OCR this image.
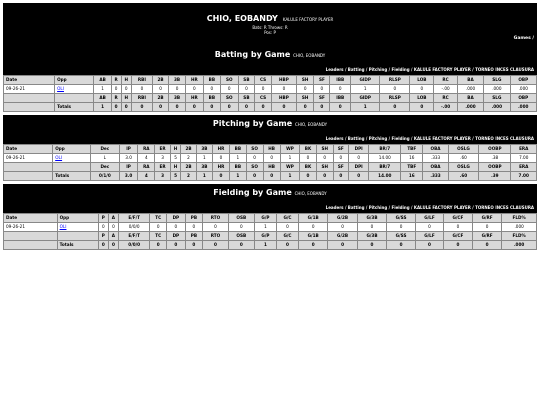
CHIO, EOBANDY KALULE FACTORY PLAYER
Bats: R Throws: R
Pos: P
Games /
Batting by Game CHIO, EOBANDY
Leaders / Batting / Pitching / Fielding / KALULE FACTORY PLAYER / TORNEO INCES CLAUSURA
Date	Opp	AB	R	H	RBI	2B	3B	HR	BB	SO	SB	CS	HBP	SH	SF	IBB	GIDP	RLSP	LOB	RC	BA	SLG	OBP
09-26-21	OLI	1	0	0	0	0	0	0	0	0	0	0	0	0	0	0	1	0	0	-.00	.000	.000	.000
		AB	R	H	RBI	2B	3B	HR	BB	SO	SB	CS	HBP	SH	SF	IBB	GIDP	RLSP	LOB	RC	BA	SLG	OBP
	Totals	1	0	0	0	0	0	0	0	0	0	0	0	0	0	0	1	0	0	-.00	.000	.000	.000
Pitching by Game CHIO, EOBANDY
Leaders / Batting / Pitching / Fielding / KALULE FACTORY PLAYER / TORNEO INCES CLAUSURA
Date	Opp	Dec	IP	RA	ER	H	2B	3B	HR	BB	SO	HB	WP	BK	SH	SF	DPI	BR/7	TBF	OBA	OSLG	OOBP	ERA
09-26-21	OLI	L	3.0	4	3	5	2	1	0	1	0	0	1	0	0	0	0	14.00	16	.333	.60	.38	7.00
		Dec	IP	RA	ER	H	2B	3B	HR	BB	SO	HB	WP	BK	SH	SF	DPI	BR/7	TBF	OBA	OSLG	OOBP	ERA
	Totals	0/1/0	3.0	4	3	5	2	1	0	1	0	0	1	0	0	0	0	14.00	16	.333	.60	.39	7.00
Fielding by Game CHIO, EOBANDY
Leaders / Batting / Pitching / Fielding / KALULE FACTORY PLAYER / TORNEO INCES CLAUSURA
Date	Opp	P	A	E/F/T	TC	DP	PB	RTO	OSB	G/P	G/C	G/1B	G/2B	G/3B	G/SS	G/LF	G/CF	G/RF	FLD%
09-26-21	OLI	0	0	0/0/0	0	0	0	0	0	1	0	0	0	0	0	0	0	0	.000
		P	A	E/F/T	TC	DP	PB	RTO	OSB	G/P	G/C	G/1B	G/2B	G/3B	G/SS	G/LF	G/CF	G/RF	FLD%
	Totals	0	0	0/0/0	0	0	0	0	0	1	0	0	0	0	0	0	0	0	.000
